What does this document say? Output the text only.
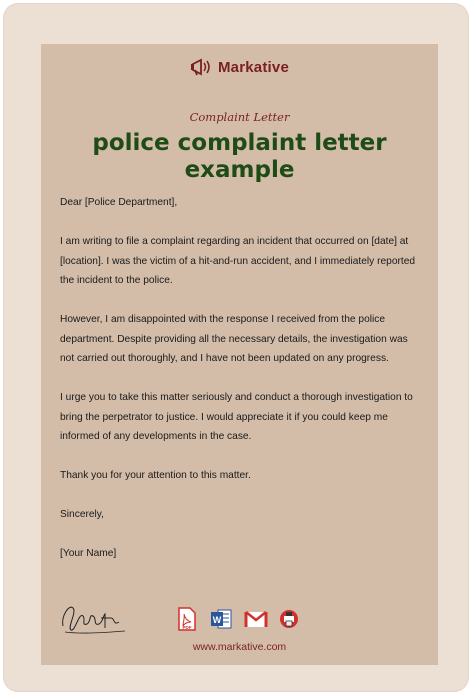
Markative
Complaint Letter
police complaint letter
example

Dear [Police Department],

I am writing to file a complaint regarding an incident that occurred on [date] at [location]. I was the victim of a hit-and-run accident, and I immediately reported the incident to the police.

However, I am disappointed with the response I received from the police department. Despite providing all the necessary details, the investigation was not carried out thoroughly, and I have not been updated on any progress.

I urge you to take this matter seriously and conduct a thorough investigation to bring the perpetrator to justice. I would appreciate it if you could keep me informed of any developments in the case.

Thank you for your attention to this matter.

Sincerely,

[Your Name]

PDF
W
www.markative.com
